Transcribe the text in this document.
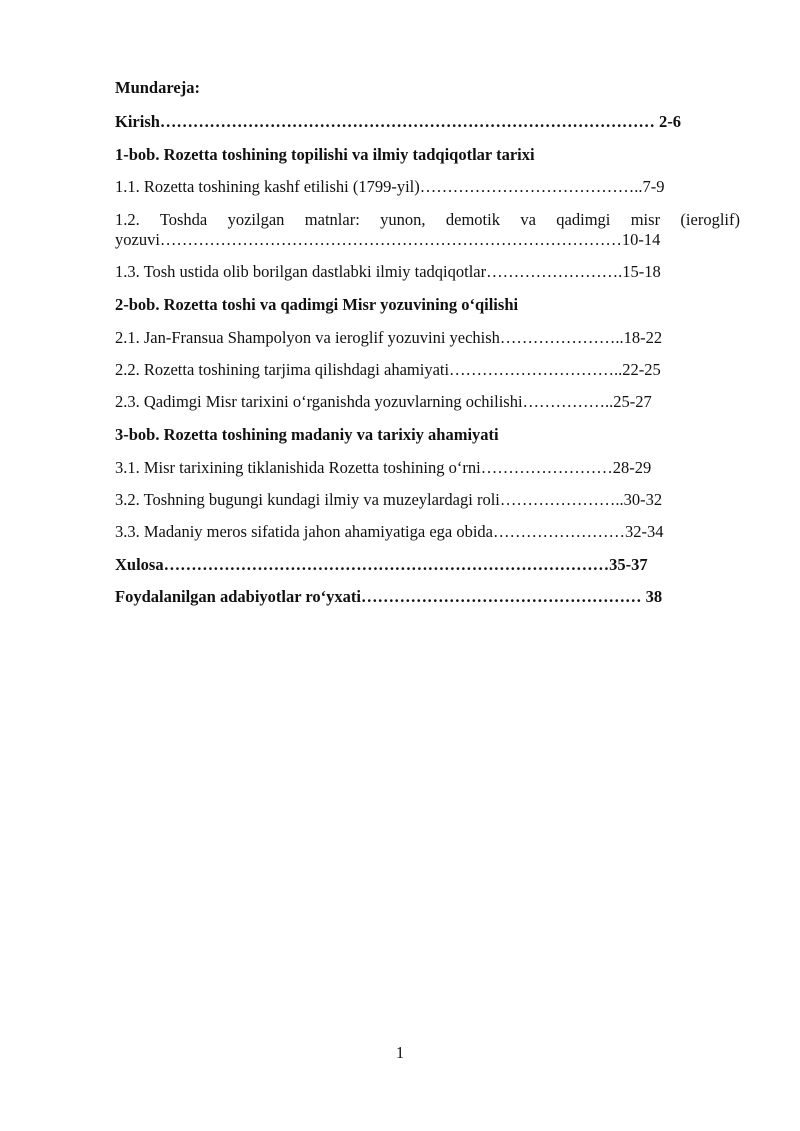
Mundareja:
Kirish……………………………………………………………………………… 2-6
1-bob. Rozetta toshining topilishi va ilmiy tadqiqotlar tarixi
1.1. Rozetta toshining kashf etilishi (1799-yil)…………………………………..7-9
1.2. Toshda yozilgan matnlar: yunon, demotik va qadimgi misr (ieroglif)
yozuvi…………………………………………………………………………10-14
1.3. Tosh ustida olib borilgan dastlabki ilmiy tadqiqotlar…………………….15-18
2-bob. Rozetta toshi va qadimgi Misr yozuvining o‘qilishi
2.1. Jan-Fransua Shampolyon va ieroglif yozuvini yechish…………………..18-22
2.2. Rozetta toshining tarjima qilishdagi ahamiyati…………………………..22-25
2.3. Qadimgi Misr tarixini o‘rganishda yozuvlarning ochilishi……………..25-27
3-bob. Rozetta toshining madaniy va tarixiy ahamiyati
3.1. Misr tarixining tiklanishida Rozetta toshining o‘rni……………………28-29
3.2. Toshning bugungi kundagi ilmiy va muzeylardagi roli…………………..30-32
3.3. Madaniy meros sifatida jahon ahamiyatiga ega obida……………………32-34
Xulosa………………………………………………………………………35-37
Foydalanilgan adabiyotlar ro‘yxati…………………………………………… 38
1
